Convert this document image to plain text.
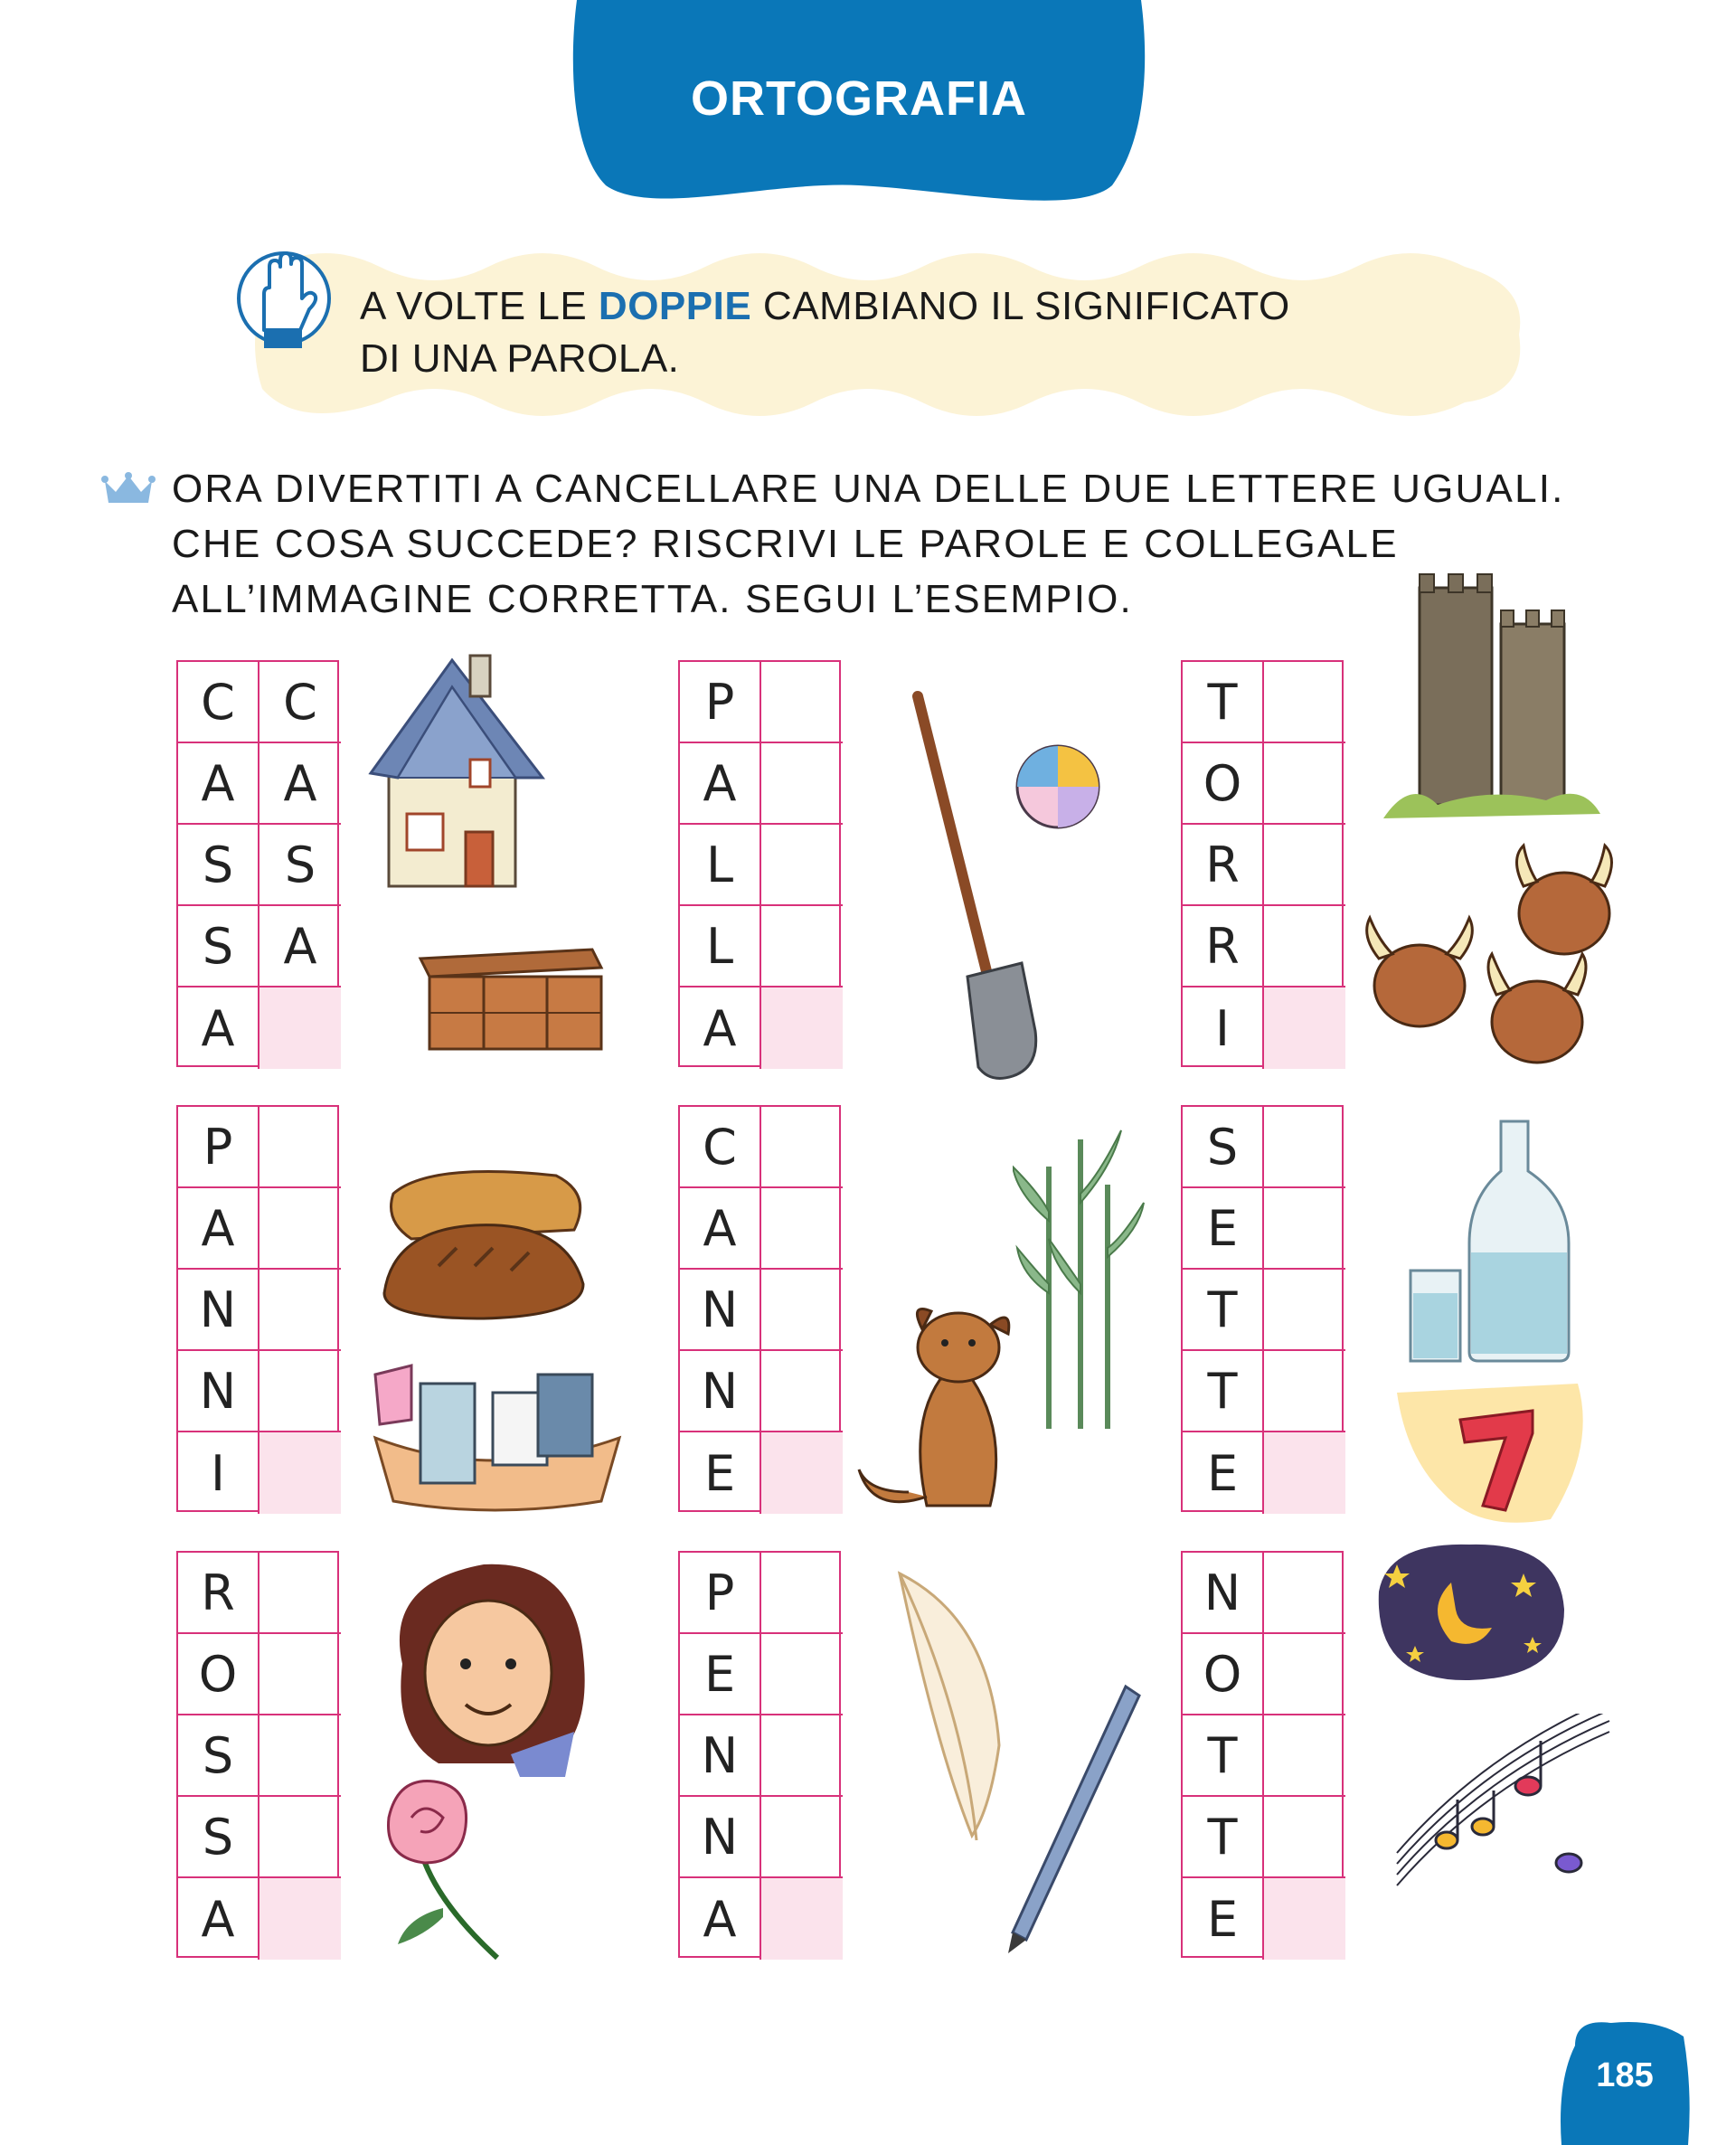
ORTOGRAFIA
A VOLTE LE DOPPIE CAMBIANO IL SIGNIFICATO
DI UNA PAROLA.
ORA DIVERTITI A CANCELLARE UNA DELLE DUE LETTERE UGUALI.
CHE COSA SUCCEDE? RISCRIVI LE PAROLE E COLLEGALE
ALL’IMMAGINE CORRETTA. SEGUI L’ESEMPIO.
C C
A	A
S	S
S	A
A
P
A
L
L
A
T
O
R
R
I
P
A
N
N
I
C
A
N
N
E
S
E
T
T
E
R
O
S
S
A
P
E
N
N
A
N
O
T
T
E
185
